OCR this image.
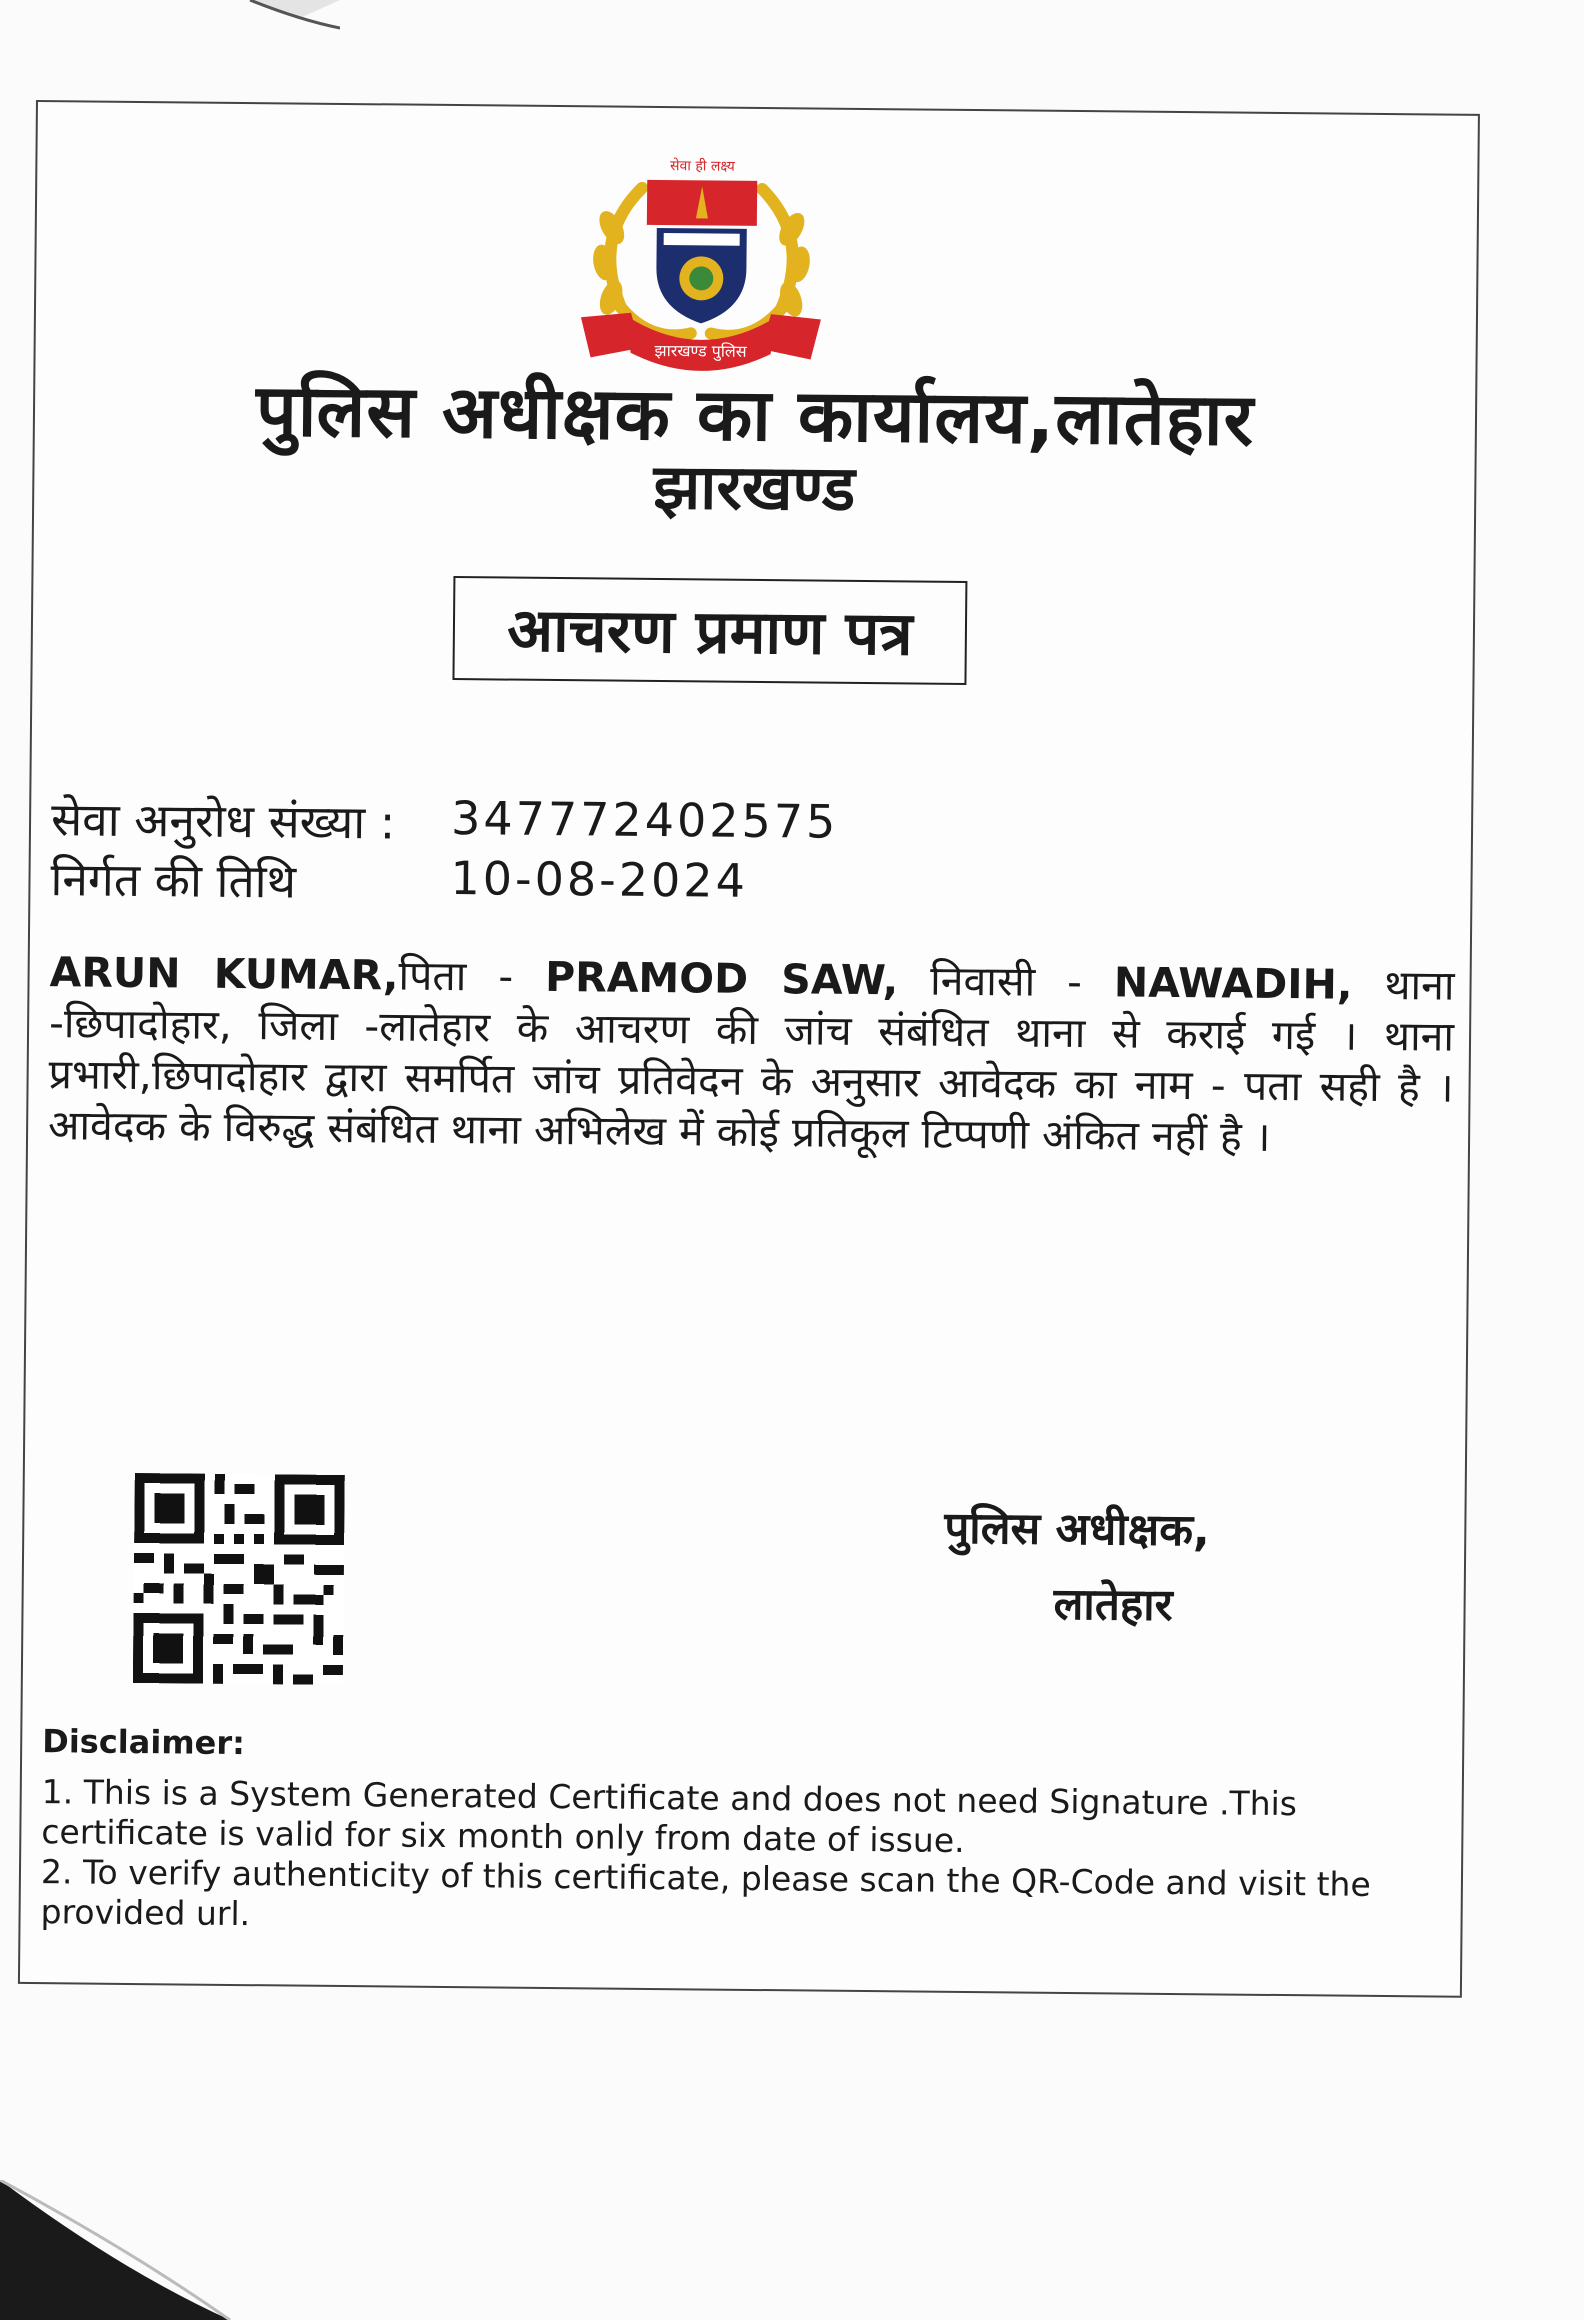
सेवा ही लक्ष्य
झारखण्ड पुलिस
पुलिस अधीक्षक का कार्यालय,लातेहार
झारखण्ड
आचरण प्रमाण पत्र
सेवा अनुरोध संख्या : 347772402575
निर्गत की तिथि	10-08-2024
ARUN KUMAR,पिता - PRAMOD SAW, निवासी - NAWADIH, थाना -छिपादोहार, जिला -लातेहार के आचरण की जांच संबंधित थाना से कराई गई । थाना प्रभारी,छिपादोहार द्वारा समर्पित जांच प्रतिवेदन के अनुसार आवेदक का नाम - पता सही है । आवेदक के विरुद्ध संबंधित थाना अभिलेख में कोई प्रतिकूल टिप्पणी अंकित नहीं है ।
पुलिस अधीक्षक,
लातेहार
Disclaimer:
1. This is a System Generated Certificate and does not need Signature .This certificate is valid for six month only from date of issue.
2. To verify authenticity of this certificate, please scan the QR-Code and visit the provided url.
